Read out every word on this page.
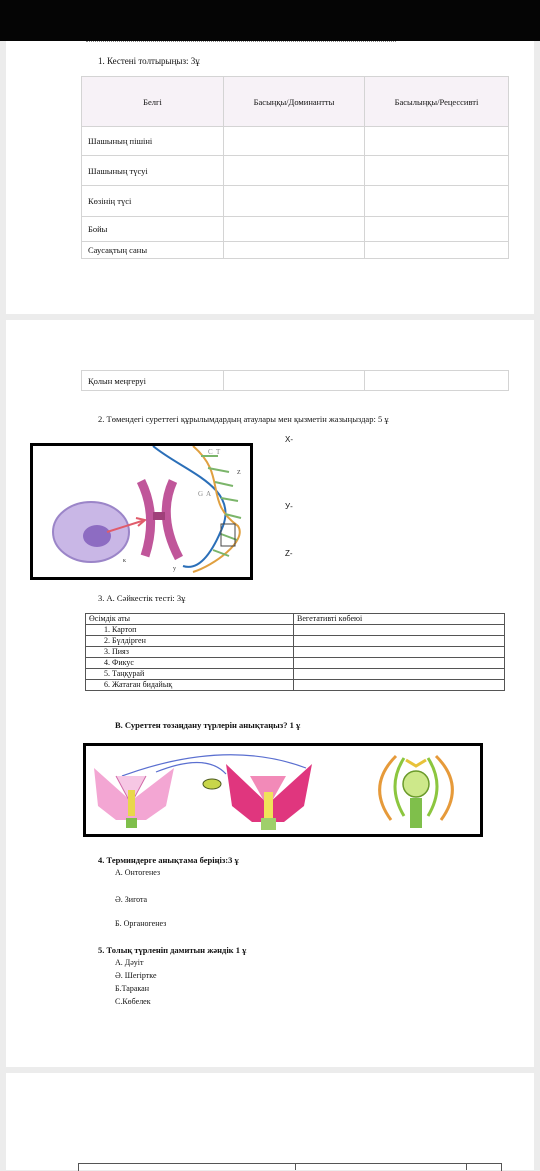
1. Кестені толтырыңыз: 3ұ
Белгі	Басыңқы/Доминантты	Басылыңқы/Рецессивті
Шашының пішіні		
Шашының түсуі		
Көзінің түсі		
Бойы		
Саусақтың саны		
Қолын меңгеруі		
2. Төмендегі суреттегі құрылымдардың атаулары мен қызметін жазыңыздар: 5 ұ
C T
G A
Z
к
у
Х-
У-
Z-
3. А. Сәйкестік тесті: 3ұ
Өсімдік аты	Вегетативті көбеюі
1. Картоп	
2. Бүлдірген	
3. Пияз	
4. Фикус	
5. Таңқурай	
6. Жатаған бидайық	
В. Суреттен тозаңдану түрлерін анықтаңыз? 1 ұ
4. Терминдерге анықтама беріңіз:3 ұ
А. Онтогенез
Ә. Зиготa
Б. Органогенез
5. Толық түрленіп дамитын жәндік 1 ұ
А. Дәуіт
Ә. Шегіртке
Б.Таракан
С.Көбелек
